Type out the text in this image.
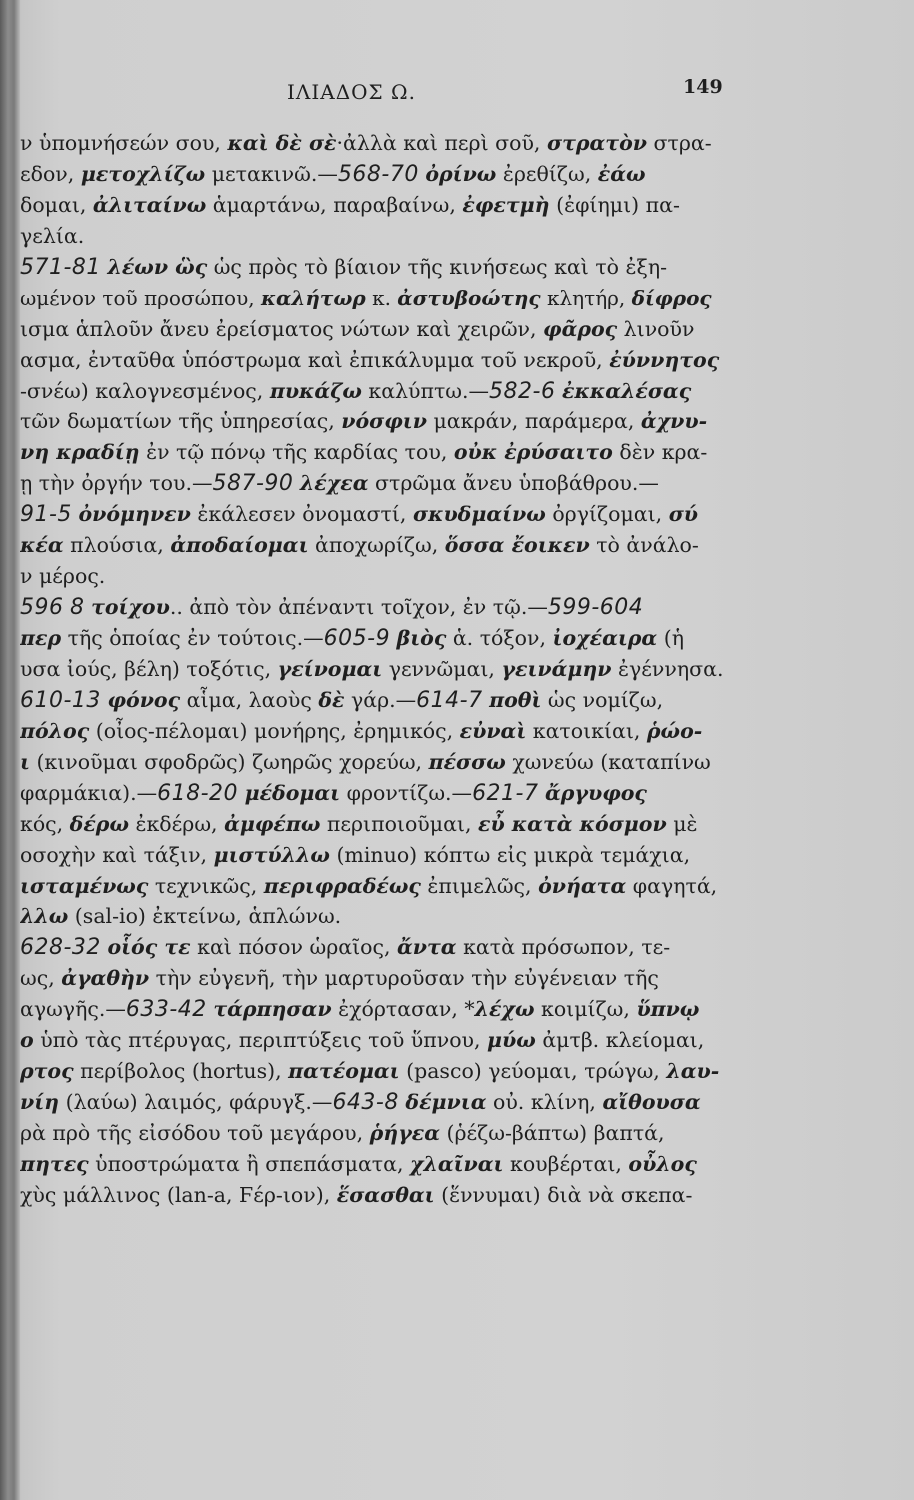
ΙΛΙΑΔΟΣ Ω.	149
ν ὑπομνήσεών σου, καὶ δὲ σὲ·ἀλλὰ καὶ περὶ σοῦ, στρατὸν στρα-
εδον, μετοχλίζω μετακινῶ.—568-70 ὀρίνω ἐρεθίζω, ἐάω
δομαι, ἀλιταίνω ἁμαρτάνω, παραβαίνω, ἐφετμὴ (ἐφίημι) πα-
γελία.
571-81 λέων ὣς ὡς πρὸς τὸ βίαιον τῆς κινήσεως καὶ τὸ ἐξη-
ωμένον τοῦ προσώπου, καλήτωρ κ. ἀστυβοώτης κλητήρ, δίφρος
ισμα ἁπλοῦν ἄνευ ἐρείσματος νώτων καὶ χειρῶν, φᾶρος λινοῦν
ασμα, ἐνταῦθα ὑπόστρωμα καὶ ἐπικάλυμμα τοῦ νεκροῦ, ἐύννητος
-σνέω) καλογνεσμένος, πυκάζω καλύπτω.—582-6 ἐκκαλέσας
τῶν δωματίων τῆς ὑπηρεσίας, νόσφιν μακράν, παράμερα, ἀχνυ-
νη κραδίῃ ἐν τῷ πόνῳ τῆς καρδίας του, οὐκ ἐρύσαιτο δὲν κρα-
ῃ τὴν ὀργήν του.—587-90 λέχεα στρῶμα ἄνευ ὑποβάθρου.—
91-5 ὀνόμηνεν ἐκάλεσεν ὀνομαστί, σκυδμαίνω ὀργίζομαι, σύ
κέα πλούσια, ἀποδαίομαι ἀποχωρίζω, ὅσσα ἔοικεν τὸ ἀνάλο-
ν μέρος.
596 8 τοίχου.. ἀπὸ τὸν ἀπέναντι τοῖχον, ἐν τῷ.—599-604
περ τῆς ὁποίας ἐν τούτοις.—605-9 βιὸς ἁ. τόξον, ἰοχέαιρα (ἡ
υσα ἰούς, βέλη) τοξότις, γείνομαι γεννῶμαι, γεινάμην ἐγέννησα.
610-13 φόνος αἷμα, λαοὺς δὲ γάρ.—614-7 ποθὶ ὡς νομίζω,
πόλος (οἶος-πέλομαι) μονήρης, ἐρημικός, εὐναὶ κατοικίαι, ῥώο-
ι (κινοῦμαι σφοδρῶς) ζωηρῶς χορεύω, πέσσω χωνεύω (καταπίνω
φαρμάκια).—618-20 μέδομαι φροντίζω.—621-7 ἄργυφος
κός, δέρω ἐκδέρω, ἀμφέπω περιποιοῦμαι, εὖ κατὰ κόσμον μὲ
οσοχὴν καὶ τάξιν, μιστύλλω (minuo) κόπτω εἰς μικρὰ τεμάχια,
ισταμένως τεχνικῶς, περιφραδέως ἐπιμελῶς, ὀνήατα φαγητά,
λλω (sal-io) ἐκτείνω, ἁπλώνω.
628-32 οἷός τε καὶ πόσον ὡραῖος, ἄντα κατὰ πρόσωπον, τε-
ως, ἀγαθὴν τὴν εὐγενῆ, τὴν μαρτυροῦσαν τὴν εὐγένειαν τῆς
αγωγῆς.—633-42 τάρπησαν ἐχόρτασαν, *λέχω κοιμίζω, ὕπνῳ
ο ὑπὸ τὰς πτέρυγας, περιπτύξεις τοῦ ὕπνου, μύω ἀμτβ. κλείομαι,
ρτος περίβολος (hortus), πατέομαι (pasco) γεύομαι, τρώγω, λαυ-
νίη (λαύω) λαιμός, φάρυγξ.—643-8 δέμνια οὐ. κλίνη, αἴθουσα
ρὰ πρὸ τῆς εἰσόδου τοῦ μεγάρου, ῥήγεα (ῥέζω-βάπτω) βαπτά,
πητες ὑποστρώματα ἢ σπεπάσματα, χλαῖναι κουβέρται, οὖλος
χὺς μάλλινος (lan-a, Ϝέρ-ιον), ἕσασθαι (ἕννυμαι) διὰ νὰ σκεπα-
